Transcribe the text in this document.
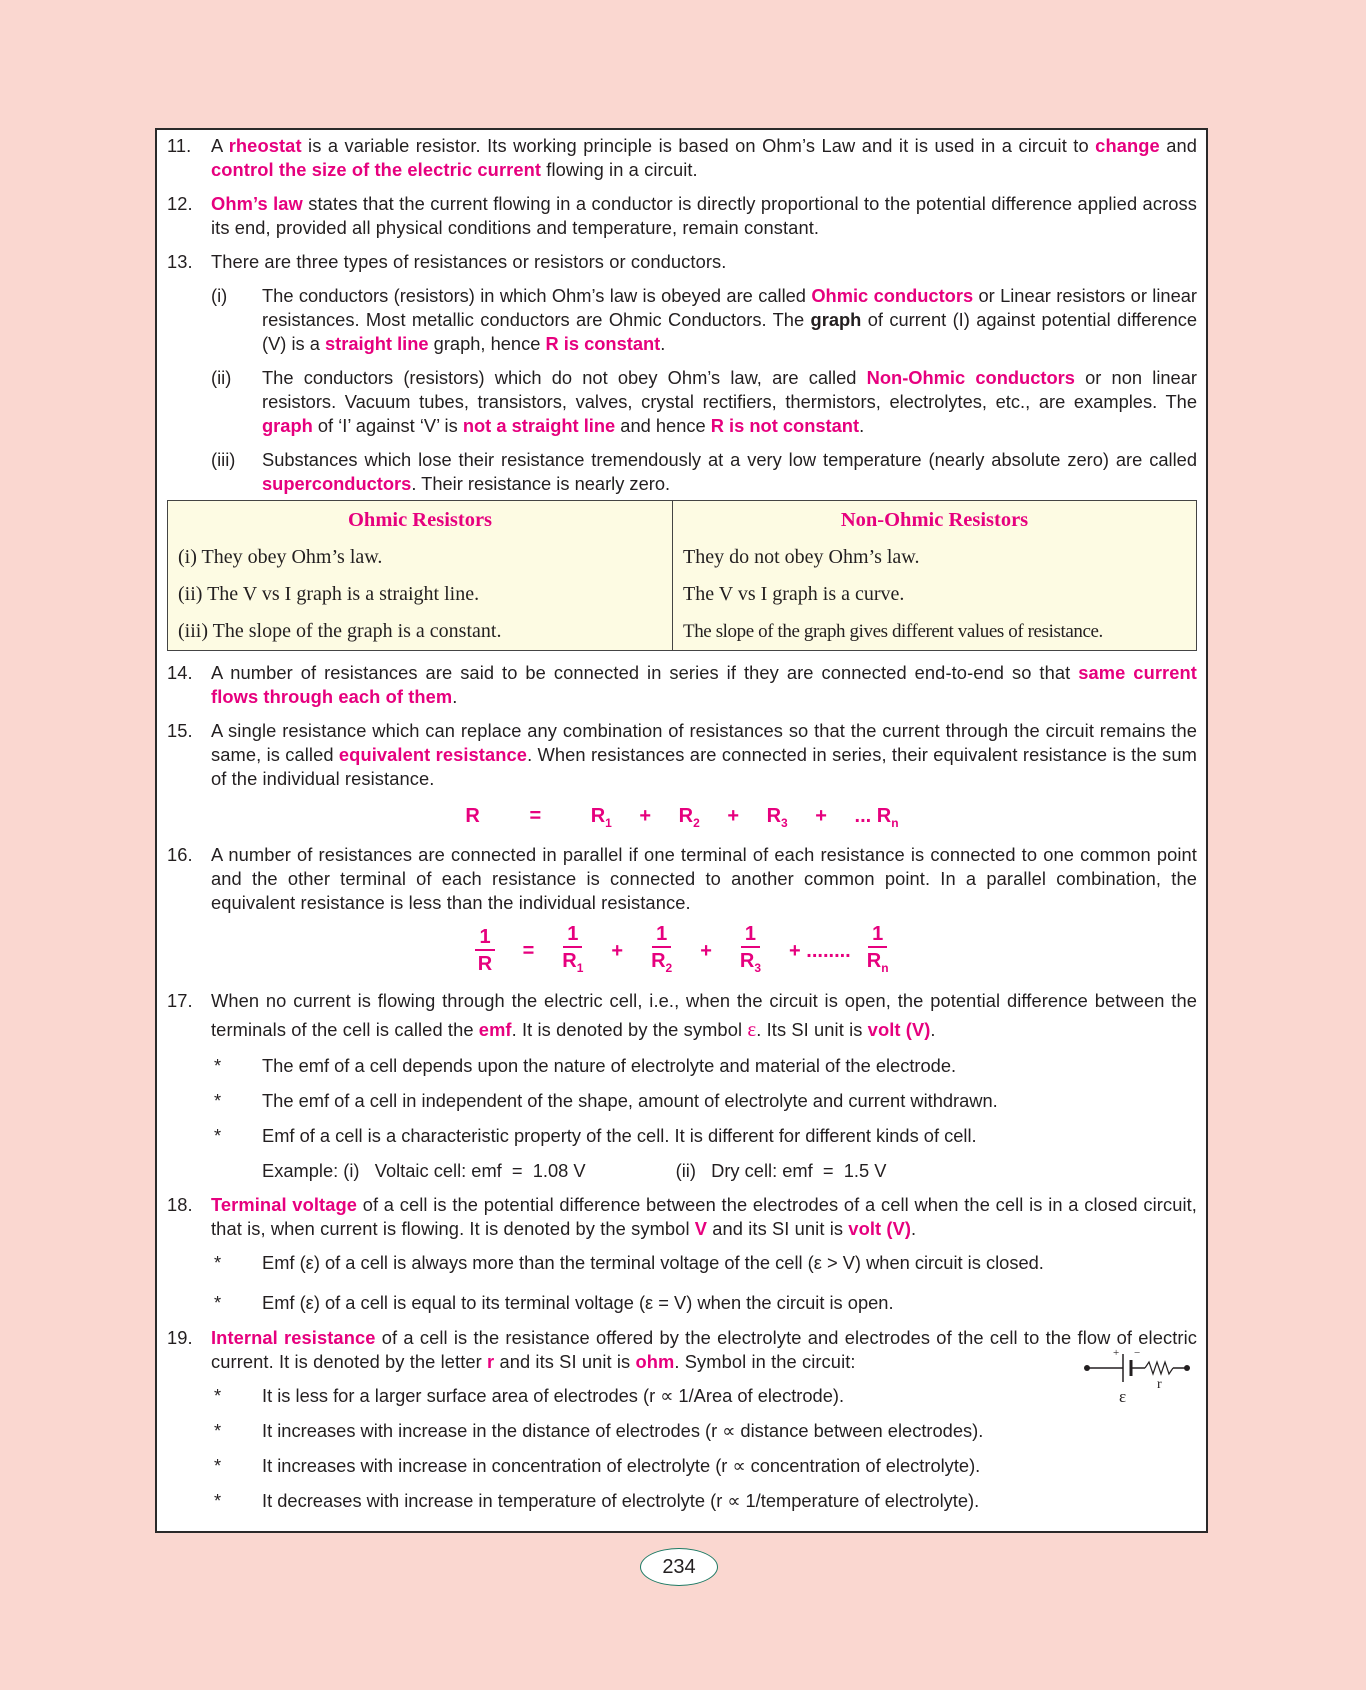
11. A rheostat is a variable resistor. Its working principle is based on Ohm’s Law and it is used in a circuit to change and control the size of the electric current flowing in a circuit.
12. Ohm’s law states that the current flowing in a conductor is directly proportional to the potential difference applied across its end, provided all physical conditions and temperature, remain constant.
13. There are three types of resistances or resistors or conductors.
(i) The conductors (resistors) in which Ohm’s law is obeyed are called Ohmic conductors or Linear resistors or linear resistances. Most metallic conductors are Ohmic Conductors. The graph of current (I) against potential difference (V) is a straight line graph, hence R is constant.
(ii) The conductors (resistors) which do not obey Ohm’s law, are called Non-Ohmic conductors or non linear resistors. Vacuum tubes, transistors, valves, crystal rectifiers, thermistors, electrolytes, etc., are examples. The graph of ‘I’ against ‘V’ is not a straight line and hence R is not constant.
(iii) Substances which lose their resistance tremendously at a very low temperature (nearly absolute zero) are called superconductors. Their resistance is nearly zero.
Ohmic Resistors	Non-Ohmic Resistors
(i) They obey Ohm’s law.	They do not obey Ohm’s law.
(ii) The V vs I graph is a straight line.	The V vs I graph is a curve.
(iii) The slope of the graph is a constant.	The slope of the graph gives different values of resistance.
14. A number of resistances are said to be connected in series if they are connected end-to-end so that same current flows through each of them.
15. A single resistance which can replace any combination of resistances so that the current through the circuit remains the same, is called equivalent resistance. When resistances are connected in series, their equivalent resistance is the sum of the individual resistance.
$R = R_1 + R_2 + R_3$ + ... $R_n$
16. A number of resistances are connected in parallel if one terminal of each resistance is connected to one common point and the other terminal of each resistance is connected to another common point. In a parallel combination, the equivalent resistance is less than the individual resistance.
$\frac{1}{R} = \frac{1}{R_1} + \frac{1}{R_2} + \frac{1}{R_3}$ + ........ $\frac{1}{R_n}$
17. When no current is flowing through the electric cell, i.e., when the circuit is open, the potential difference between the terminals of the cell is called the emf. It is denoted by the symbol ε. Its SI unit is volt (V).
* The emf of a cell depends upon the nature of electrolyte and material of the electrode.
* The emf of a cell in independent of the shape, amount of electrolyte and current withdrawn.
* Emf of a cell is a characteristic property of the cell. It is different for different kinds of cell.
Example: (i)   Voltaic cell: emf  =  1.08 V	(ii)   Dry cell: emf  =  1.5 V
18. Terminal voltage of a cell is the potential difference between the electrodes of a cell when the cell is in a closed circuit, that is, when current is flowing. It is denoted by the symbol V and its SI unit is volt (V).
* Emf (ε) of a cell is always more than the terminal voltage of the cell (ε > V) when circuit is closed.
* Emf (ε) of a cell is equal to its terminal voltage (ε = V) when the circuit is open.
19. Internal resistance of a cell is the resistance offered by the electrolyte and electrodes of the cell to the flow of electric current. It is denoted by the letter r and its SI unit is ohm. Symbol in the circuit:	+ −
r
ε
* It is less for a larger surface area of electrodes (r ∝ 1/Area of electrode).
* It increases with increase in the distance of electrodes (r ∝ distance between electrodes).
* It increases with increase in concentration of electrolyte (r ∝ concentration of electrolyte).
* It decreases with increase in temperature of electrolyte (r ∝ 1/temperature of electrolyte).
234
